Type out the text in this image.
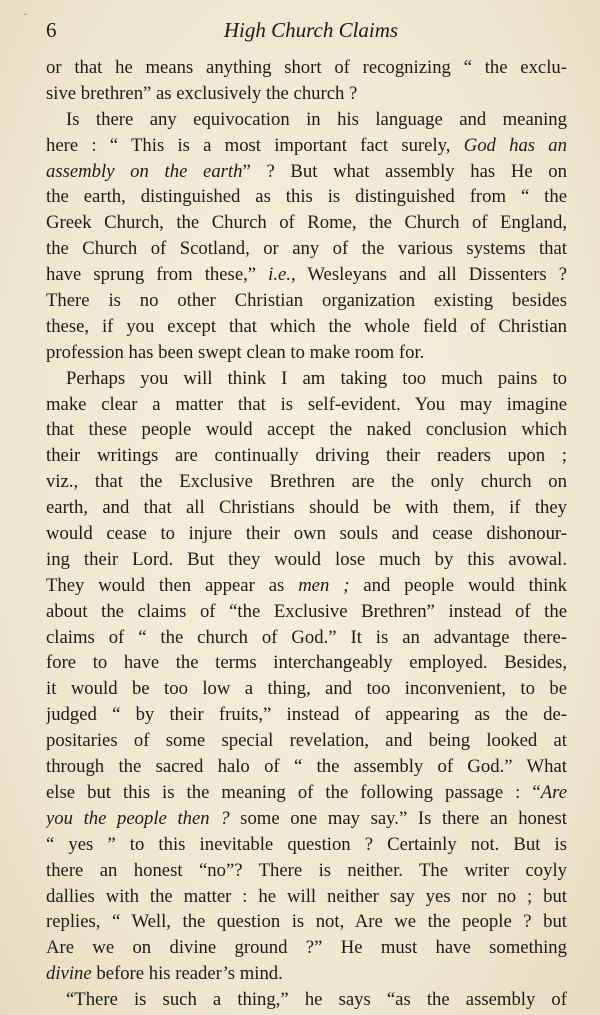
‸
6	High Church Claims
or that he means anything short of recognizing “ the exclu-
sive brethren” as exclusively the church ?
Is there any equivocation in his language and meaning
here : “ This is a most important fact surely, God has an
assembly on the earth” ? But what assembly has He on
the earth, distinguished as this is distinguished from “ the
Greek Church, the Church of Rome, the Church of England,
the Church of Scotland, or any of the various systems that
have sprung from these,” i.e., Wesleyans and all Dissenters ?
There is no other Christian organization existing besides
these, if you except that which the whole field of Christian
profession has been swept clean to make room for.
Perhaps you will think I am taking too much pains to
make clear a matter that is self-evident. You may imagine
that these people would accept the naked conclusion which
their writings are continually driving their readers upon ;
viz., that the Exclusive Brethren are the only church on
earth, and that all Christians should be with them, if they
would cease to injure their own souls and cease dishonour-
ing their Lord. But they would lose much by this avowal.
They would then appear as men ; and people would think
about the claims of “the Exclusive Brethren” instead of the
claims of “ the church of God.” It is an advantage there-
fore to have the terms interchangeably employed. Besides,
it would be too low a thing, and too inconvenient, to be
judged “ by their fruits,” instead of appearing as the de-
positaries of some special revelation, and being looked at
through the sacred halo of “ the assembly of God.” What
else but this is the meaning of the following passage : “Are
you the people then ? some one may say.” Is there an honest
“ yes ” to this inevitable question ? Certainly not. But is
there an honest “no”? There is neither. The writer coyly
dallies with the matter : he will neither say yes nor no ; but
replies, “ Well, the question is not, Are we the people ? but
Are we on divine ground ?” He must have something
divine before his reader’s mind.
“There is such a thing,” he says “as the assembly of
